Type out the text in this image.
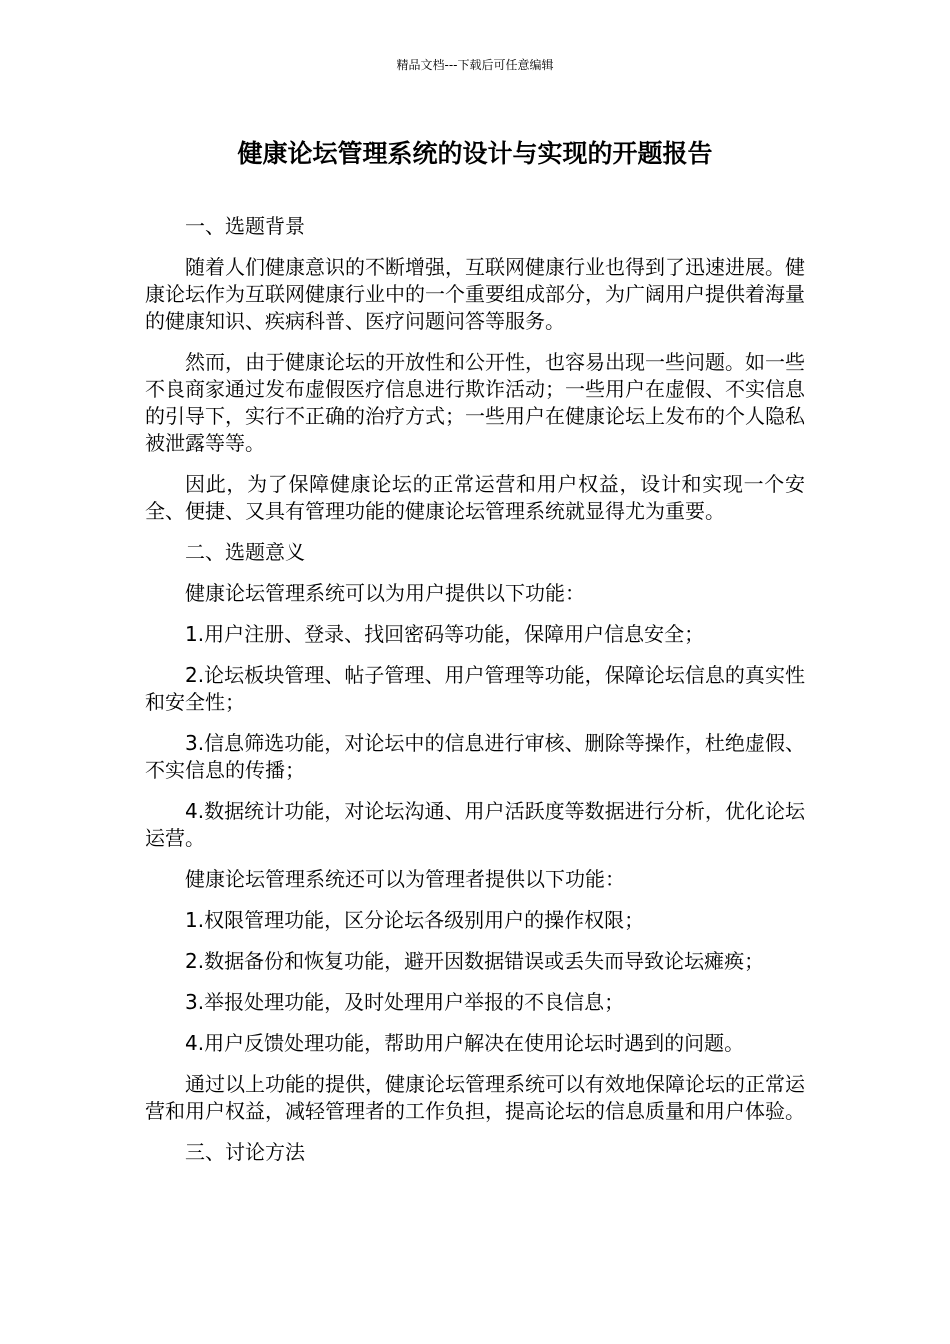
精品文档---下载后可任意编辑
健康论坛管理系统的设计与实现的开题报告

一、选题背景

随着人们健康意识的不断增强，互联网健康行业也得到了迅速进展。健康论坛作为互联网健康行业中的一个重要组成部分，为广阔用户提供着海量的健康知识、疾病科普、医疗问题问答等服务。

然而，由于健康论坛的开放性和公开性，也容易出现一些问题。如一些不良商家通过发布虚假医疗信息进行欺诈活动；一些用户在虚假、不实信息的引导下，实行不正确的治疗方式；一些用户在健康论坛上发布的个人隐私被泄露等等。

因此，为了保障健康论坛的正常运营和用户权益，设计和实现一个安全、便捷、又具有管理功能的健康论坛管理系统就显得尤为重要。

二、选题意义

健康论坛管理系统可以为用户提供以下功能：

1.用户注册、登录、找回密码等功能，保障用户信息安全；

2.论坛板块管理、帖子管理、用户管理等功能，保障论坛信息的真实性和安全性；

3.信息筛选功能，对论坛中的信息进行审核、删除等操作，杜绝虚假、不实信息的传播；

4.数据统计功能，对论坛沟通、用户活跃度等数据进行分析，优化论坛运营。

健康论坛管理系统还可以为管理者提供以下功能：

1.权限管理功能，区分论坛各级别用户的操作权限；

2.数据备份和恢复功能，避开因数据错误或丢失而导致论坛瘫痪；

3.举报处理功能，及时处理用户举报的不良信息；

4.用户反馈处理功能，帮助用户解决在使用论坛时遇到的问题。

通过以上功能的提供，健康论坛管理系统可以有效地保障论坛的正常运营和用户权益，减轻管理者的工作负担，提高论坛的信息质量和用户体验。

三、讨论方法
